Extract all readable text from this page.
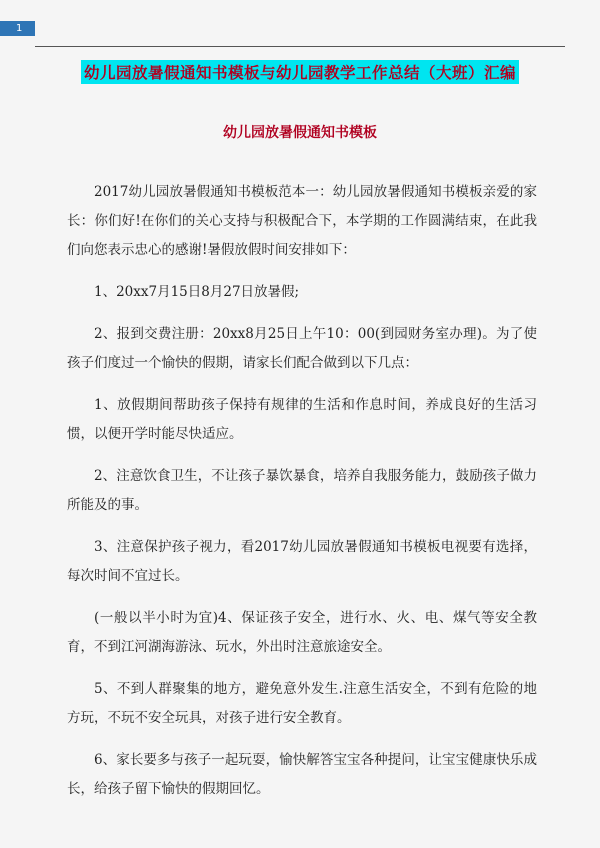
1
幼儿园放暑假通知书模板与幼儿园教学工作总结（大班）汇编
幼儿园放暑假通知书模板

2017幼儿园放暑假通知书模板范本一：幼儿园放暑假通知书模板亲爱的家长：你们好!在你们的关心支持与积极配合下，本学期的工作圆满结束，在此我们向您表示忠心的感谢!暑假放假时间安排如下：

1、20xx7月15日8月27日放暑假;

2、报到交费注册：20xx8月25日上午10：00(到园财务室办理)。为了使孩子们度过一个愉快的假期，请家长们配合做到以下几点：

1、放假期间帮助孩子保持有规律的生活和作息时间，养成良好的生活习惯，以便开学时能尽快适应。

2、注意饮食卫生，不让孩子暴饮暴食，培养自我服务能力，鼓励孩子做力所能及的事。

3、注意保护孩子视力，看2017幼儿园放暑假通知书模板电视要有选择，每次时间不宜过长。

(一般以半小时为宜)4、保证孩子安全，进行水、火、电、煤气等安全教育，不到江河湖海游泳、玩水，外出时注意旅途安全。

5、不到人群聚集的地方，避免意外发生.注意生活安全，不到有危险的地方玩，不玩不安全玩具，对孩子进行安全教育。

6、家长要多与孩子一起玩耍，愉快解答宝宝各种提问，让宝宝健康快乐成长，给孩子留下愉快的假期回忆。
